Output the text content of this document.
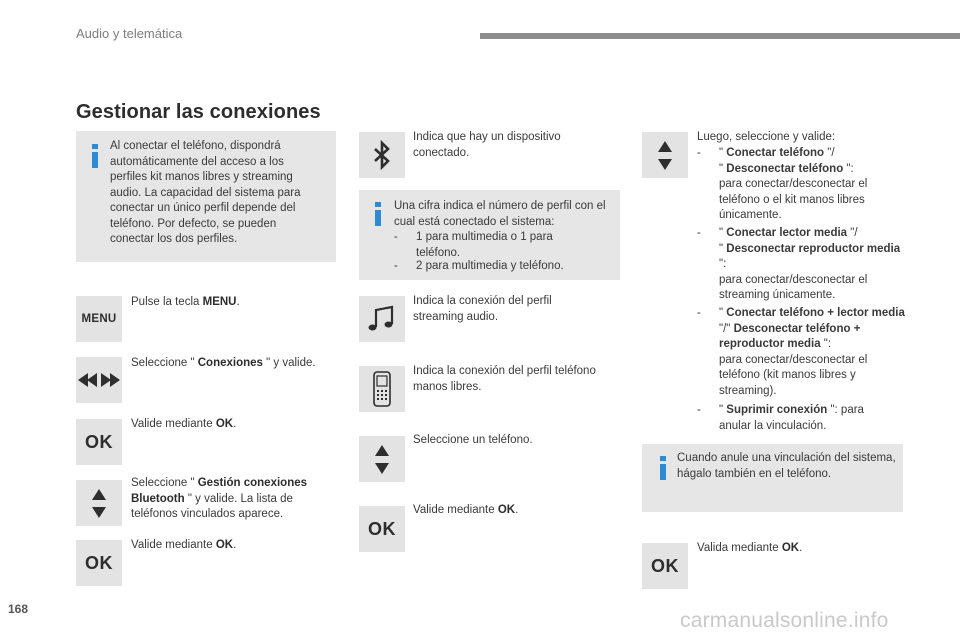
Audio y telemática
Gestionar las conexiones
Al conectar el teléfono, dispondrá automáticamente del acceso a los perfiles kit manos libres y streaming audio. La capacidad del sistema para conectar un único perfil depende del teléfono. Por defecto, se pueden conectar los dos perfiles.
MENU
Pulse la tecla MENU.
Seleccione " Conexiones " y valide.
OK
Valide mediante OK.
Seleccione " Gestión conexiones Bluetooth " y valide. La lista de teléfonos vinculados aparece.
OK
Valide mediante OK.
Indica que hay un dispositivo conectado.
Una cifra indica el número de perfil con el cual está conectado el sistema:
- 1 para multimedia o 1 para teléfono.
- 2 para multimedia y teléfono.
Indica la conexión del perfil streaming audio.
Indica la conexión del perfil teléfono manos libres.
Seleccione un teléfono.
OK
Valide mediante OK.
Luego, seleccione y valide:
- " Conectar teléfono "/
" Desconectar teléfono ":
para conectar/desconectar el teléfono o el kit manos libres únicamente.
- " Conectar lector media "/
" Desconectar reproductor media ":
para conectar/desconectar el streaming únicamente.
- " Conectar teléfono + lector media "/" Desconectar teléfono + reproductor media ":
para conectar/desconectar el teléfono (kit manos libres y streaming).
- " Suprimir conexión ": para anular la vinculación.
Cuando anule una vinculación del sistema, hágalo también en el teléfono.
OK
Valida mediante OK.
168	carmanualsonline.info
